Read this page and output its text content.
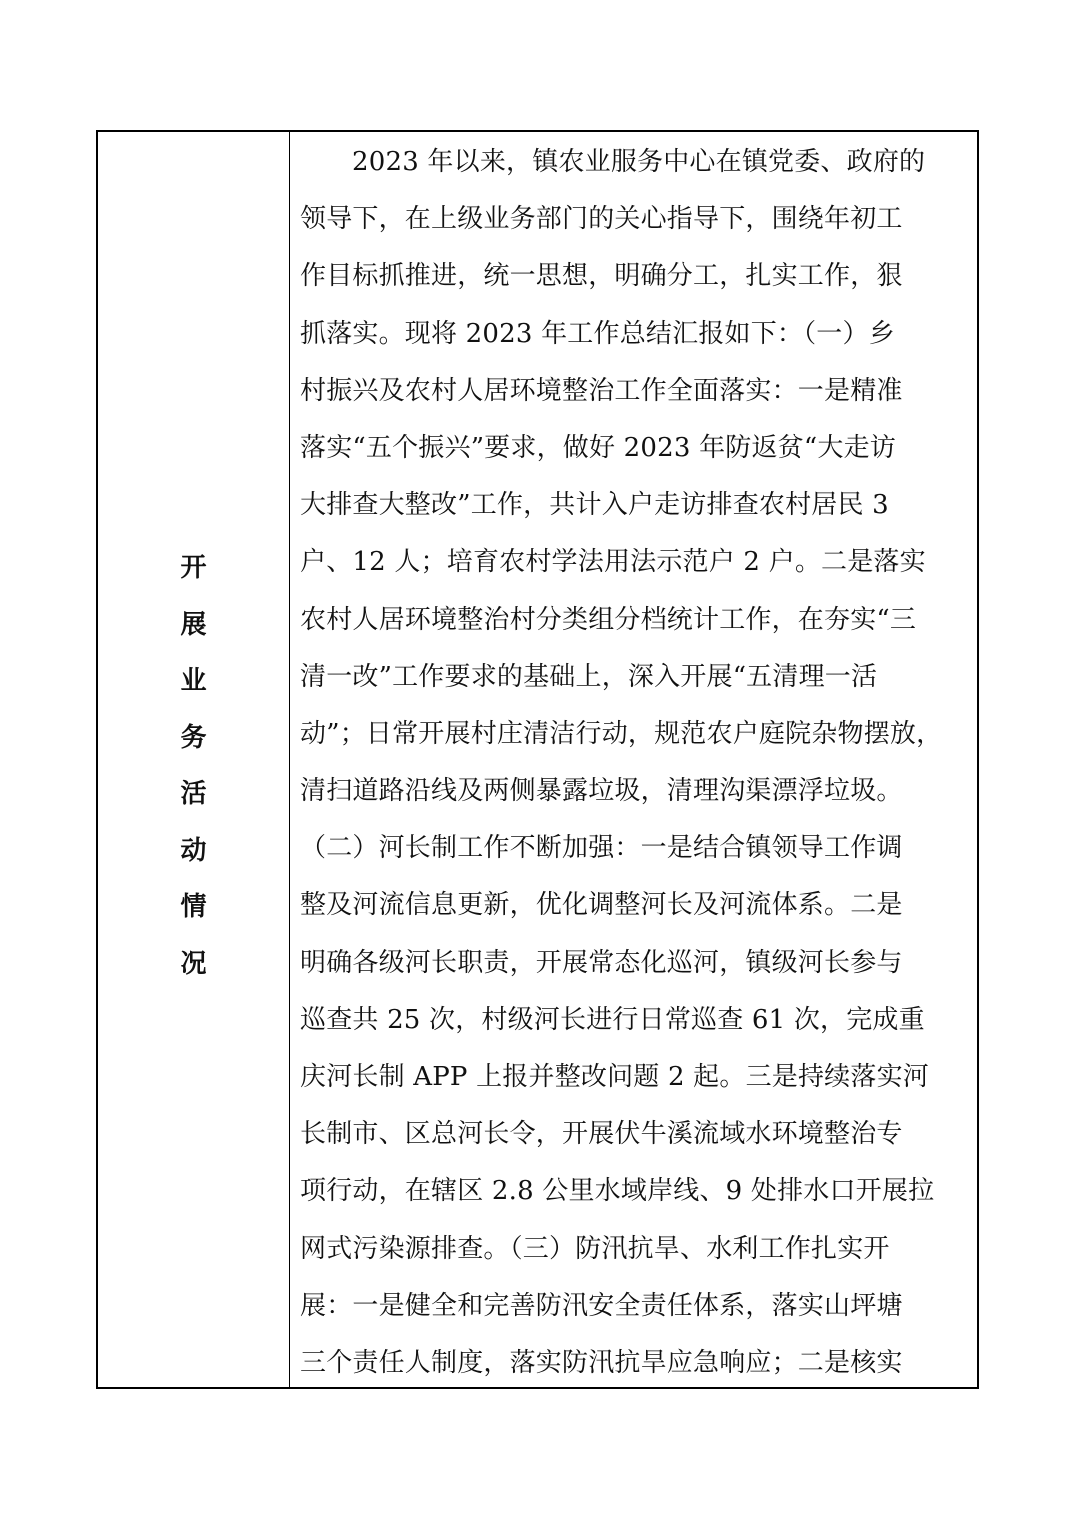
开
展
业
务
活
动
情
况
2023 年以来，镇农业服务中心在镇党委、政府的
领导下，在上级业务部门的关心指导下，围绕年初工
作目标抓推进，统一思想，明确分工，扎实工作，狠
抓落实。现将 2023 年工作总结汇报如下：（一）乡
村振兴及农村人居环境整治工作全面落实：一是精准
落实“五个振兴”要求，做好 2023 年防返贫“大走访
大排查大整改”工作，共计入户走访排查农村居民 3
户、12 人；培育农村学法用法示范户 2 户。二是落实
农村人居环境整治村分类组分档统计工作，在夯实“三
清一改”工作要求的基础上，深入开展“五清理一活
动”；日常开展村庄清洁行动，规范农户庭院杂物摆放，
清扫道路沿线及两侧暴露垃圾，清理沟渠漂浮垃圾。
（二）河长制工作不断加强：一是结合镇领导工作调
整及河流信息更新，优化调整河长及河流体系。二是
明确各级河长职责，开展常态化巡河，镇级河长参与
巡查共 25 次，村级河长进行日常巡查 61 次，完成重
庆河长制 APP 上报并整改问题 2 起。三是持续落实河
长制市、区总河长令，开展伏牛溪流域水环境整治专
项行动，在辖区 2.8 公里水域岸线、9 处排水口开展拉
网式污染源排查。（三）防汛抗旱、水利工作扎实开
展：一是健全和完善防汛安全责任体系，落实山坪塘
三个责任人制度，落实防汛抗旱应急响应；二是核实
